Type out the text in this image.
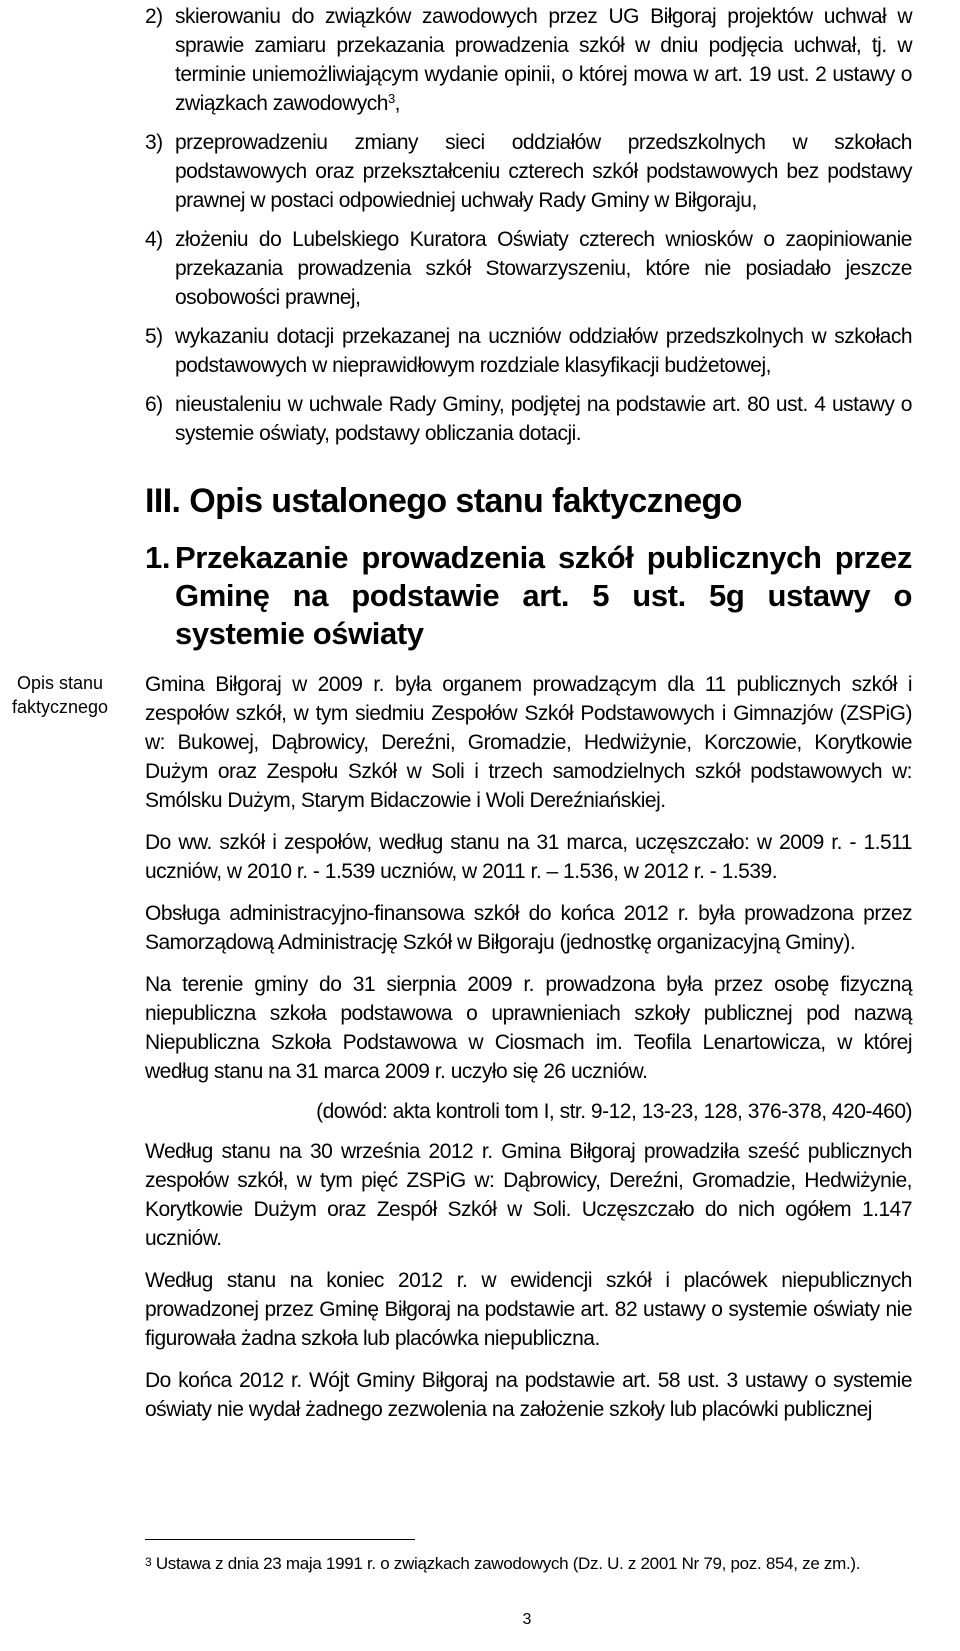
Opis stanu
faktycznego

2) skierowaniu do związków zawodowych przez UG Biłgoraj projektów uchwał w sprawie zamiaru przekazania prowadzenia szkół w dniu podjęcia uchwał, tj. w terminie uniemożliwiającym wydanie opinii, o której mowa w art. 19 ust. 2 ustawy o związkach zawodowych$^3$,

3) przeprowadzeniu zmiany sieci oddziałów przedszkolnych w szkołach podstawowych oraz przekształceniu czterech szkół podstawowych bez podstawy prawnej w postaci odpowiedniej uchwały Rady Gminy w Biłgoraju,

4) złożeniu do Lubelskiego Kuratora Oświaty czterech wniosków o zaopiniowanie przekazania prowadzenia szkół Stowarzyszeniu, które nie posiadało jeszcze osobowości prawnej,

5) wykazaniu dotacji przekazanej na uczniów oddziałów przedszkolnych w szkołach podstawowych w nieprawidłowym rozdziale klasyfikacji budżetowej,

6) nieustaleniu w uchwale Rady Gminy, podjętej na podstawie art. 80 ust. 4 ustawy o systemie oświaty, podstawy obliczania dotacji.

III. Opis ustalonego stanu faktycznego
1. Przekazanie prowadzenia szkół publicznych przez Gminę na podstawie art. 5 ust. 5g ustawy o systemie oświaty

Gmina Biłgoraj w 2009 r. była organem prowadzącym dla 11 publicznych szkół i zespołów szkół, w tym siedmiu Zespołów Szkół Podstawowych i Gimnazjów (ZSPiG) w: Bukowej, Dąbrowicy, Dereźni, Gromadzie, Hedwiżynie, Korczowie, Korytkowie Dużym oraz Zespołu Szkół w Soli i trzech samodzielnych szkół podstawowych w: Smólsku Dużym, Starym Bidaczowie i Woli Dereźniańskiej.

Do ww. szkół i zespołów, według stanu na 31 marca, uczęszczało: w 2009 r. - 1.511 uczniów, w 2010 r. - 1.539 uczniów, w 2011 r. – 1.536, w 2012 r. - 1.539.

Obsługa administracyjno-finansowa szkół do końca 2012 r. była prowadzona przez Samorządową Administrację Szkół w Biłgoraju (jednostkę organizacyjną Gminy).

Na terenie gminy do 31 sierpnia 2009 r. prowadzona była przez osobę fizyczną niepubliczna szkoła podstawowa o uprawnieniach szkoły publicznej pod nazwą Niepubliczna Szkoła Podstawowa w Ciosmach im. Teofila Lenartowicza, w której według stanu na 31 marca 2009 r. uczyło się 26 uczniów.

(dowód: akta kontroli tom I, str. 9-12, 13-23, 128, 376-378, 420-460)

Według stanu na 30 września 2012 r. Gmina Biłgoraj prowadziła sześć publicznych zespołów szkół, w tym pięć ZSPiG w: Dąbrowicy, Dereźni, Gromadzie, Hedwiżynie, Korytkowie Dużym oraz Zespół Szkół w Soli. Uczęszczało do nich ogółem 1.147 uczniów.

Według stanu na koniec 2012 r. w ewidencji szkół i placówek niepublicznych prowadzonej przez Gminę Biłgoraj na podstawie art. 82 ustawy o systemie oświaty nie figurowała żadna szkoła lub placówka niepubliczna.

Do końca 2012 r. Wójt Gminy Biłgoraj na podstawie art. 58 ust. 3 ustawy o systemie oświaty nie wydał żadnego zezwolenia na założenie szkoły lub placówki publicznej

$^3$ Ustawa z dnia 23 maja 1991 r. o związkach zawodowych (Dz. U. z 2001 Nr 79, poz. 854, ze zm.).
3
